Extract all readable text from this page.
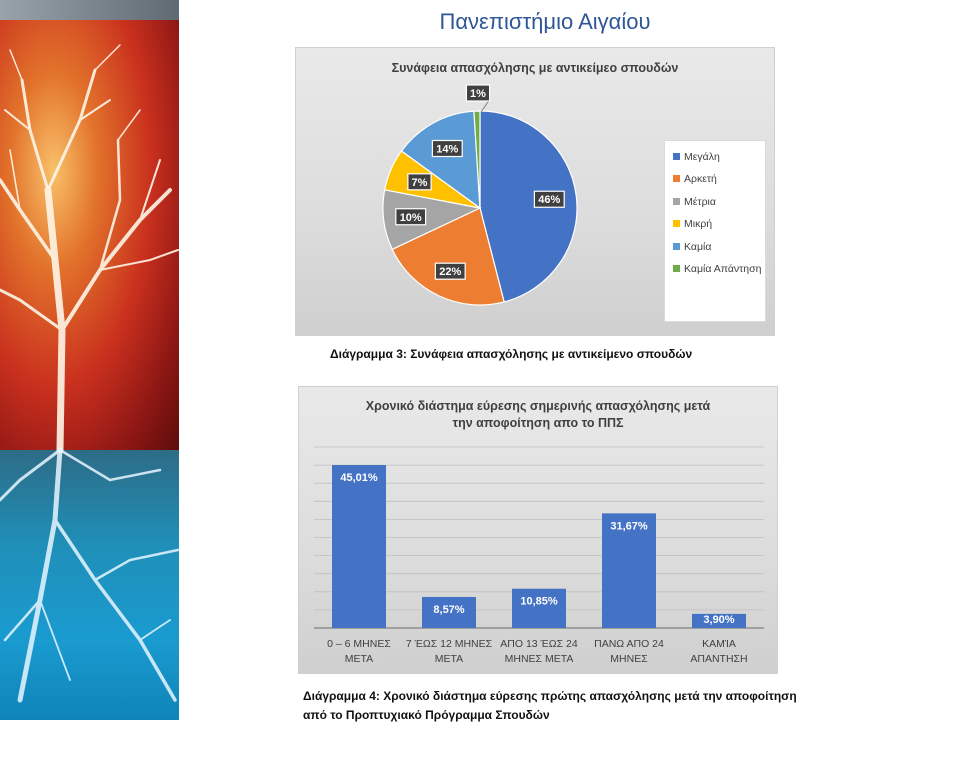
Πανεπιστήμιο Αιγαίου
Συνάφεια απασχόλησης με αντικείμεο σπουδών
46%
22%
10%
7%
14%
1%
Μεγάλη
Αρκετή
Μέτρια
Μικρή
Καμία
Καμία Απάντηση
Διάγραμμα 3: Συνάφεια απασχόλησης με αντικείμενο σπουδών
Χρονικό διάστημα εύρεσης σημερινής απασχόλησης μετά
την αποφοίτηση απο το ΠΠΣ
45,01%
0 – 6 ΜΗΝΕΣ
ΜΕΤΑ
8,57%
7 ΈΩΣ 12 ΜΗΝΕΣ
ΜΕΤΑ
10,85%
ΑΠΟ 13 ΈΩΣ 24
ΜΗΝΕΣ ΜΕΤΑ
31,67%
ΠΑΝΩ ΑΠΟ 24
ΜΗΝΕΣ
3,90%
ΚΑΜΊΑ
ΑΠΑΝΤΗΣΗ
Διάγραμμα 4: Χρονικό διάστημα εύρεσης πρώτης απασχόλησης μετά την αποφοίτηση
από το Προπτυχιακό Πρόγραμμα Σπουδών
